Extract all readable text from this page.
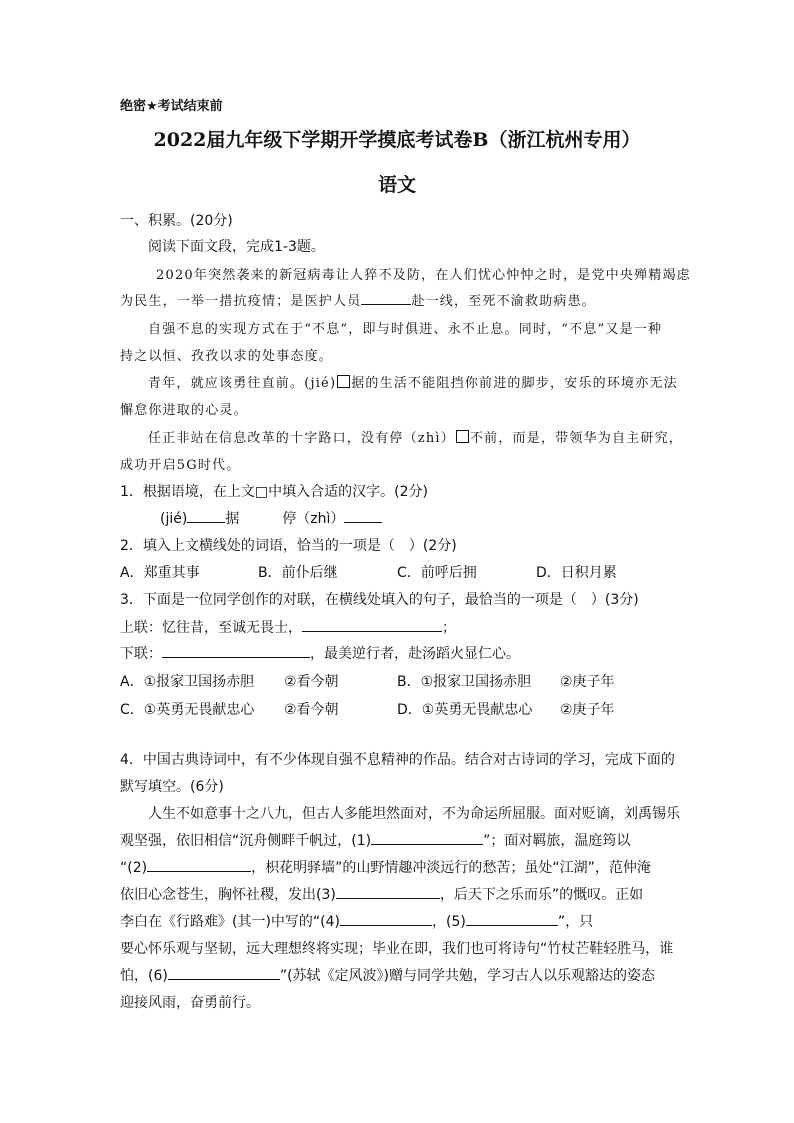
绝密★考试结束前
2022届九年级下学期开学摸底考试卷B（浙江杭州专用）
语文
一、积累。(20分)
阅读下面文段，完成1-3题。
2020年突然袭来的新冠病毒让人猝不及防，在人们忧心忡忡之时，是党中央殚精竭虑
为民生，一举一措抗疫情；是医护人员	赴一线，至死不渝救助病患。
自强不息的实现方式在于“不息”，即与时俱进、永不止息。同时，“不息”又是一种
持之以恒、孜孜以求的处事态度。
青年，就应该勇往直前。(jié) 据的生活不能阻挡你前进的脚步，安乐的环境亦无法
懈怠你进取的心灵。
任正非站在信息改革的十字路口，没有停（zhì） 不前，而是，带领华为自主研究，
成功开启5G时代。
1．根据语境，在上文□中填入合适的汉字。(2分)
(jié)	据	停（zhì）
2．填入上文横线处的词语，恰当的一项是（　）(2分)
A．郑重其事	B．前仆后继	C．前呼后拥	D．日积月累
3．下面是一位同学创作的对联，在横线处填入的句子，最恰当的一项是（　）(3分)
上联：忆往昔，至诚无畏士，	；
下联：	，最美逆行者，赴汤蹈火显仁心。
A．①报家卫国扬赤胆 ②看今朝	B．①报家卫国扬赤胆 ②庚子年
C．①英勇无畏献忠心 ②看今朝	D．①英勇无畏献忠心 ②庚子年
4．中国古典诗词中，有不少体现自强不息精神的作品。结合对古诗词的学习，完成下面的
默写填空。(6分)
人生不如意事十之八九，但古人多能坦然面对，不为命运所屈服。面对贬谪，刘禹锡乐
观坚强，依旧相信“沉舟侧畔千帆过，(1)	”；面对羁旅，温庭筠以
“(2)	，枳花明驿墙”的山野情趣冲淡远行的愁苦；虽处“江湖”，范仲淹
依旧心念苍生，胸怀社稷，发出(3)	，后天下之乐而乐”的慨叹。正如
李白在《行路难》(其一)中写的“(4)	，(5)	”，只
要心怀乐观与坚韧，远大理想终将实现；毕业在即，我们也可将诗句“竹杖芒鞋轻胜马，谁
怕，(6)	”(苏轼《定风波》)赠与同学共勉，学习古人以乐观豁达的姿态
迎接风雨，奋勇前行。
